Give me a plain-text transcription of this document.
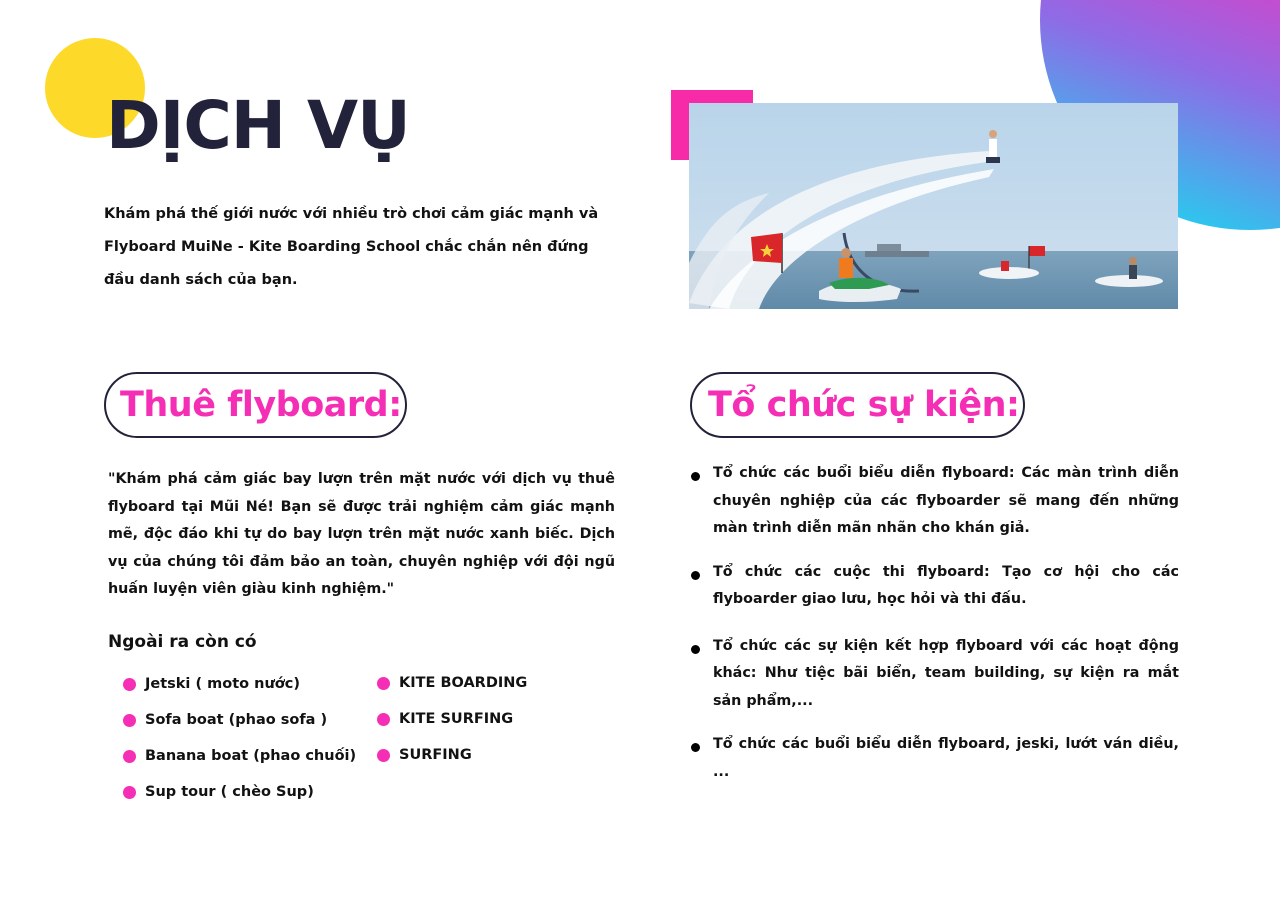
DỊCH VỤ

Khám phá thế giới nước với nhiều trò chơi cảm giác mạnh và Flyboard MuiNe - Kite Boarding School chắc chắn nên đứng đầu danh sách của bạn.

Thuê flyboard:

"Khám phá cảm giác bay lượn trên mặt nước với dịch vụ thuê flyboard tại Mũi Né! Bạn sẽ được trải nghiệm cảm giác mạnh mẽ, độc đáo khi tự do bay lượn trên mặt nước xanh biếc. Dịch vụ của chúng tôi đảm bảo an toàn, chuyên nghiệp với đội ngũ huấn luyện viên giàu kinh nghiệm."

Ngoài ra còn có
Jetski ( moto nước)
Sofa boat (phao sofa )
Banana boat (phao chuối)
Sup tour ( chèo Sup)
KITE BOARDING
KITE SURFING
SURFING
Tổ chức sự kiện:
Tổ chức các buổi biểu diễn flyboard: Các màn trình diễn chuyên nghiệp của các flyboarder sẽ mang đến những màn trình diễn mãn nhãn cho khán giả.
Tổ chức các cuộc thi flyboard: Tạo cơ hội cho các flyboarder giao lưu, học hỏi và thi đấu.
Tổ chức các sự kiện kết hợp flyboard với các hoạt động khác: Như tiệc bãi biển, team building, sự kiện ra mắt sản phẩm,...
Tổ chức các buổi biểu diễn flyboard, jeski, lướt ván diều, ...
